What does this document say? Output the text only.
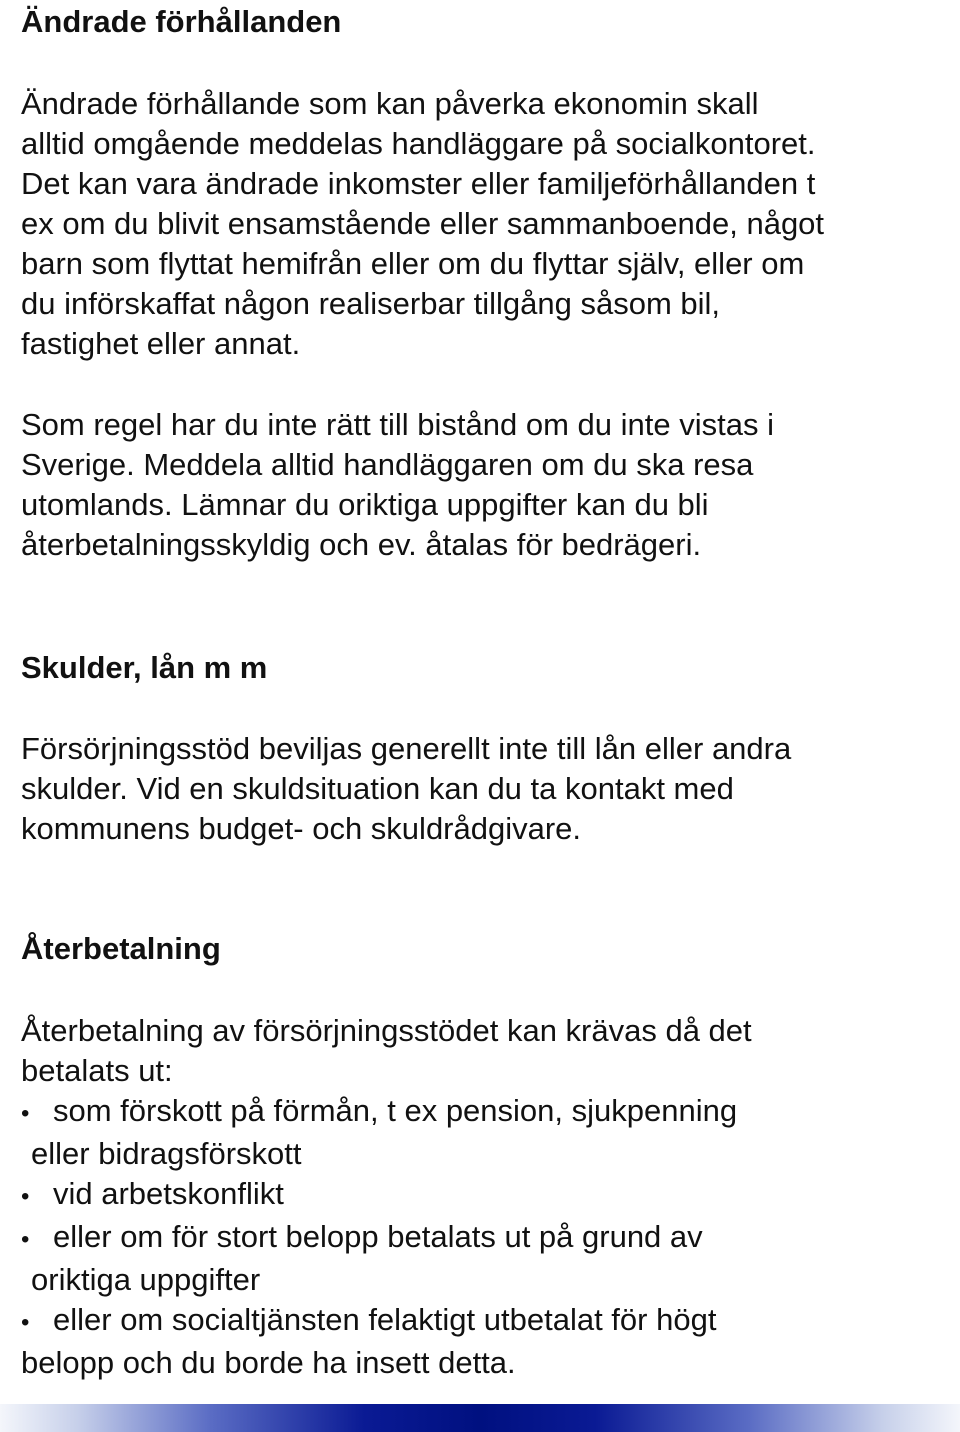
Ändrade förhållanden

Ändrade förhållande som kan påverka ekonomin skall
alltid omgående meddelas handläggare på socialkontoret.
Det kan vara ändrade inkomster eller familjeförhållanden t
ex om du blivit ensamstående eller sammanboende, något
barn som flyttat hemifrån eller om du flyttar själv, eller om
du införskaffat någon realiserbar tillgång såsom bil,
fastighet eller annat.

Som regel har du inte rätt till bistånd om du inte vistas i
Sverige. Meddela alltid handläggaren om du ska resa
utomlands. Lämnar du oriktiga uppgifter kan du bli
återbetalningsskyldig och ev. åtalas för bedrägeri.

Skulder, lån m m

Försörjningsstöd beviljas generellt inte till lån eller andra
skulder. Vid en skuldsituation kan du ta kontakt med
kommunens budget- och skuldrådgivare.

Återbetalning
Återbetalning av försörjningsstödet kan krävas då det
betalats ut:
• som förskott på förmån, t ex pension, sjukpenning
eller bidragsförskott
• vid arbetskonflikt
• eller om för stort belopp betalats ut på grund av
oriktiga uppgifter
• eller om socialtjänsten felaktigt utbetalat för högt
belopp och du borde ha insett detta.
